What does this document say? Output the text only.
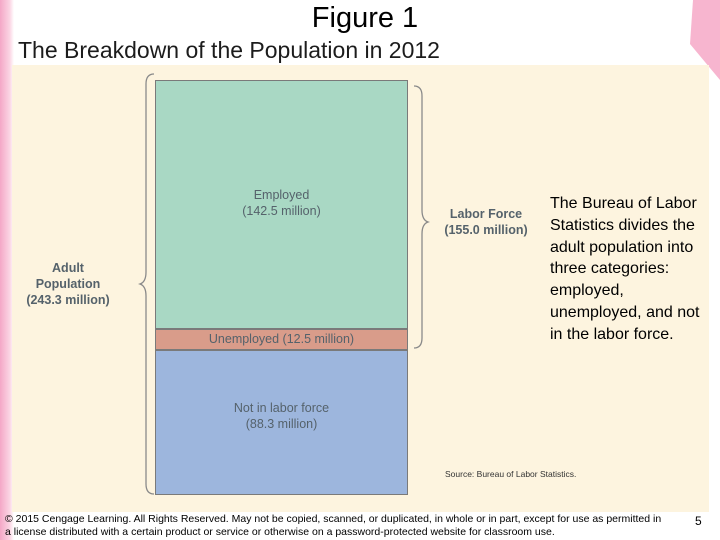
Figure 1
The Breakdown of the Population in 2012
Employed
(142.5 million)
Unemployed (12.5 million)
Not in labor force
(88.3 million)
Adult
Population
(243.3 million)
Labor Force
(155.0 million)
The Bureau of Labor Statistics divides the adult population into three categories: employed, unemployed, and not in the labor force.
Source: Bureau of Labor Statistics.
© 2015 Cengage Learning. All Rights Reserved. May not be copied, scanned, or duplicated, in whole or in part, except for use as permitted in a license distributed with a certain product or service or otherwise on a password-protected website for classroom use.
5
